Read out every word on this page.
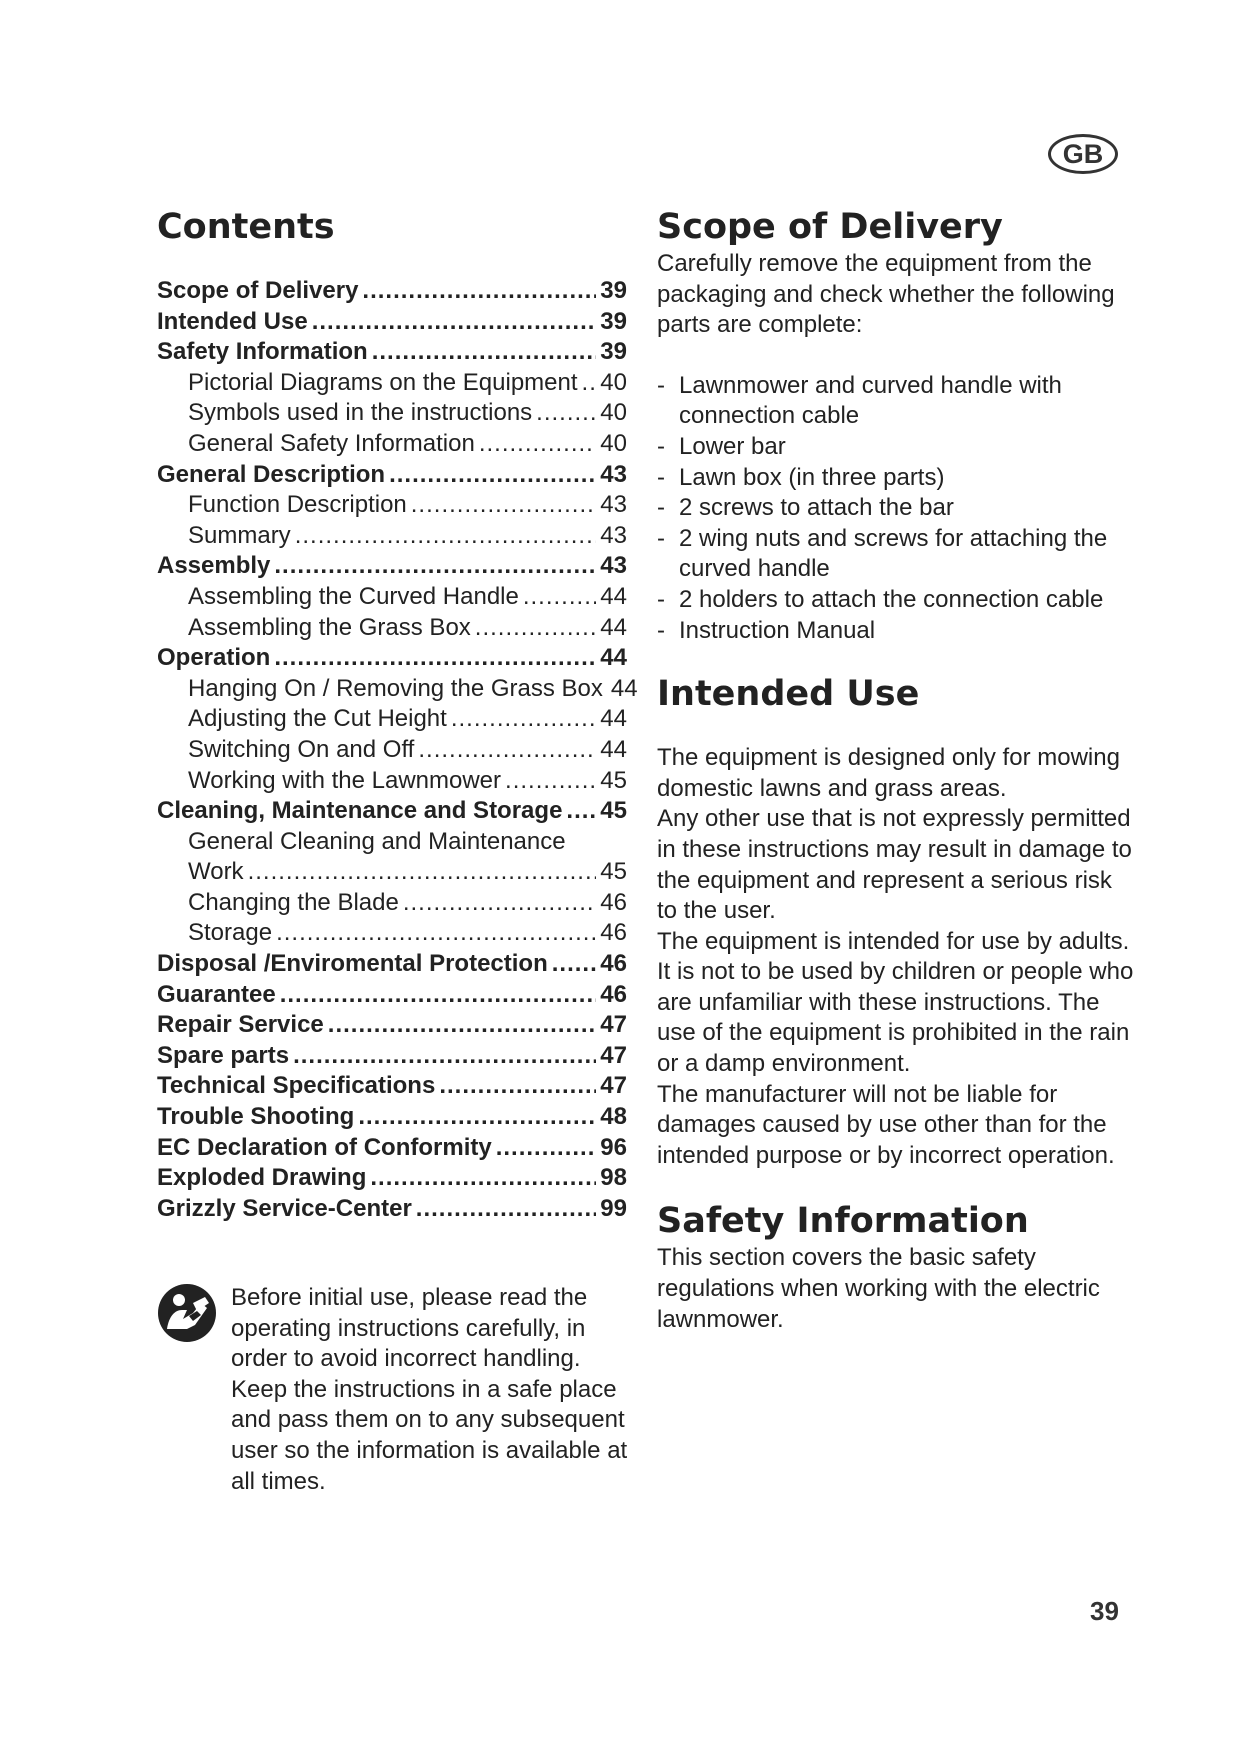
GB
Contents
Scope of Delivery .....	39
Intended Use .....	39
Safety Information .....	39
Pictorial Diagrams on the Equipment ..... 40
Symbols used in the instructions .....	40
General Safety Information .....	40
General Description .....	43
Function Description .....	43
Summary .....	43
Assembly .....	43
Assembling the Curved Handle .....	44
Assembling the Grass Box .....	44
Operation .....	44
Hanging On / Removing the Grass Box 44
Adjusting the Cut Height .....	44
Switching On and Off .....	44
Working with the Lawnmower .....	45
Cleaning, Maintenance and Storage ..... 45
General Cleaning and Maintenance
Work .....	45
Changing the Blade .....	46
Storage .....	46
Disposal /Enviromental Protection ..... 46
Guarantee .....	46
Repair Service .....	47
Spare parts .....	47
Technical Specifications .....	47
Trouble Shooting .....	48
EC Declaration of Conformity .....	96
Exploded Drawing .....	98
Grizzly Service-Center .....	99

Before initial use, please read the operating instructions carefully, in order to avoid incorrect handling. Keep the instructions in a safe place and pass them on to any subsequent user so the information is available at all times.

Scope of Delivery

Carefully remove the equipment from the packaging and check whether the following parts are complete:

- Lawnmower and curved handle with connection cable
- Lower bar
- Lawn box (in three parts)
- 2 screws to attach the bar
- 2 wing nuts and screws for attaching the curved handle
- 2 holders to attach the connection cable
- Instruction Manual
Intended Use

The equipment is designed only for mowing domestic lawns and grass areas.

Any other use that is not expressly permitted in these instructions may result in damage to the equipment and represent a serious risk to the user.

The equipment is intended for use by adults. It is not to be used by children or people who are unfamiliar with these instructions. The use of the equipment is prohibited in the rain or a damp environment.

The manufacturer will not be liable for damages caused by use other than for the intended purpose or by incorrect operation.

Safety Information

This section covers the basic safety regulations when working with the electric lawnmower.

39
